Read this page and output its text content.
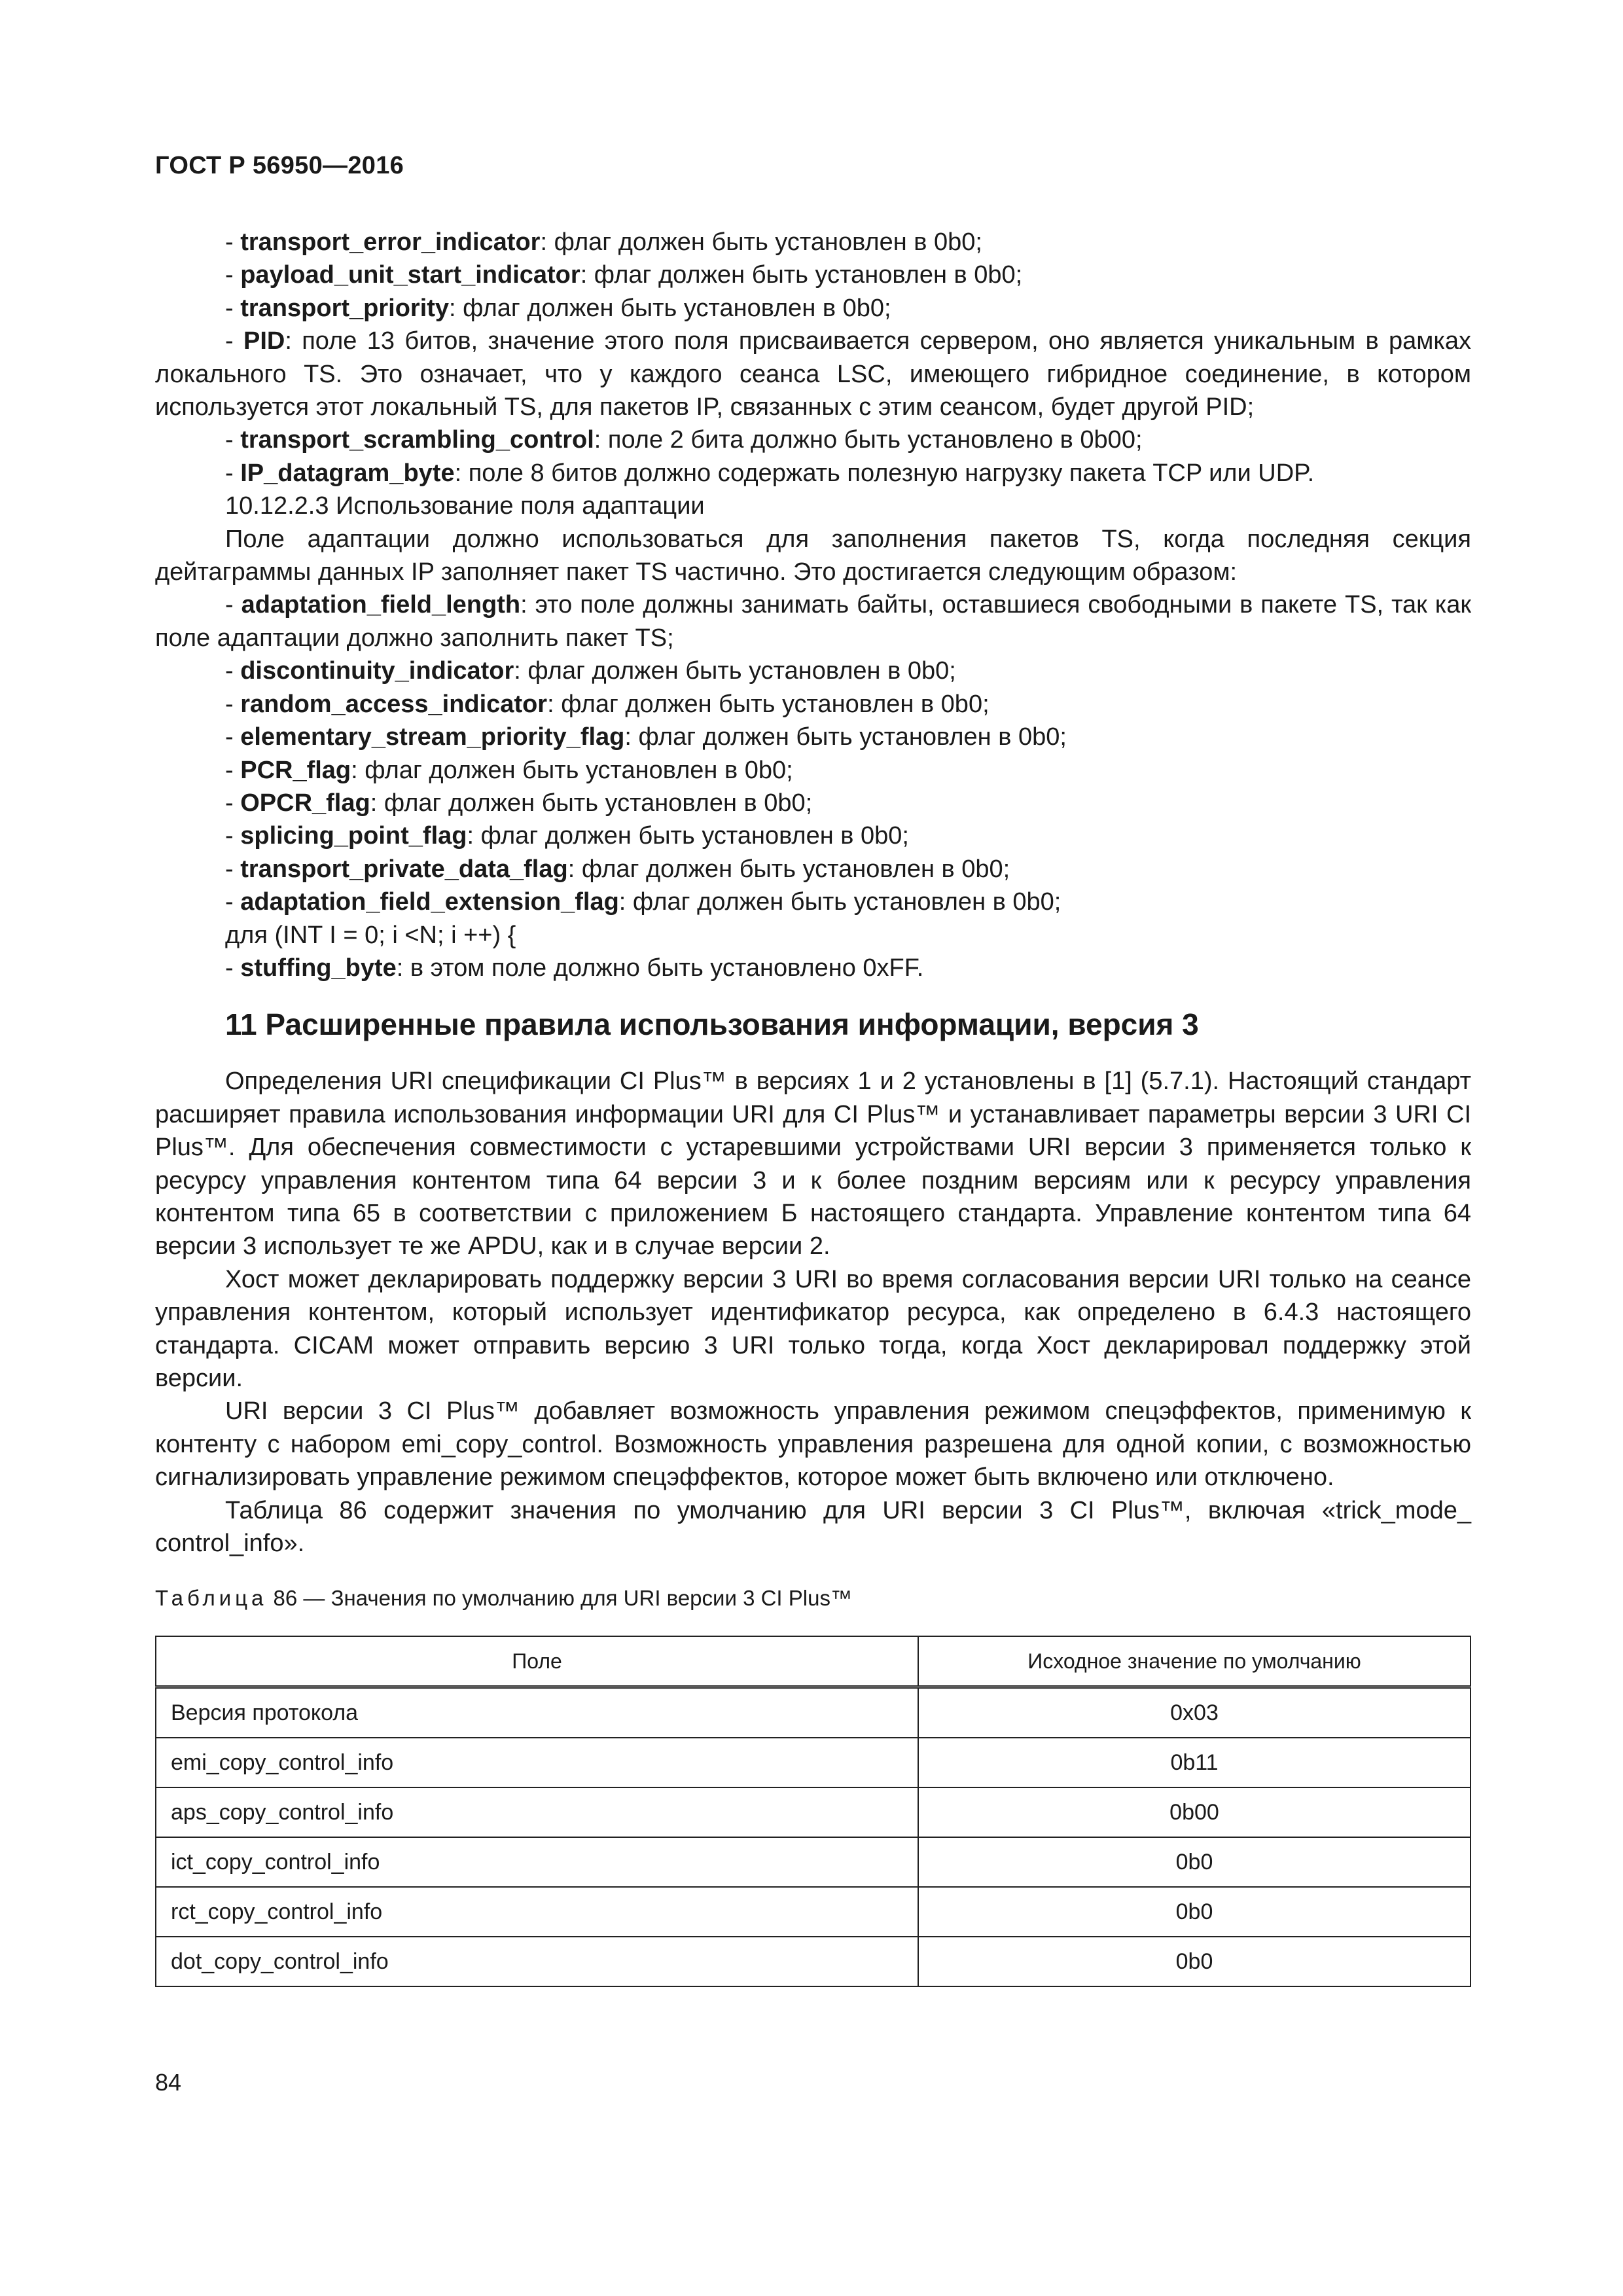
ГОСТ Р 56950—2016

- transport_error_indicator: флаг должен быть установлен в 0b0;

- payload_unit_start_indicator: флаг должен быть установлен в 0b0;

- transport_priority: флаг должен быть установлен в 0b0;

- PID: поле 13 битов, значение этого поля присваивается сервером, оно является уникальным в рамках локального TS. Это означает, что у каждого сеанса LSC, имеющего гибридное соединение, в котором используется этот локальный TS, для пакетов IP, связанных с этим сеансом, будет другой PID;

- transport_scrambling_control: поле 2 бита должно быть установлено в 0b00;

- IP_datagram_byte: поле 8 битов должно содержать полезную нагрузку пакета TCP или UDP.

10.12.2.3 Использование поля адаптации

Поле адаптации должно использоваться для заполнения пакетов TS, когда последняя секция дейтаграммы данных IP заполняет пакет TS частично. Это достигается следующим образом:

- adaptation_field_length: это поле должны занимать байты, оставшиеся свободными в пакете TS, так как поле адаптации должно заполнить пакет TS;

- discontinuity_indicator: флаг должен быть установлен в 0b0;

- random_access_indicator: флаг должен быть установлен в 0b0;

- elementary_stream_priority_flag: флаг должен быть установлен в 0b0;

- PCR_flag: флаг должен быть установлен в 0b0;

- OPCR_flag: флаг должен быть установлен в 0b0;

- splicing_point_flag: флаг должен быть установлен в 0b0;

- transport_private_data_flag: флаг должен быть установлен в 0b0;

- adaptation_field_extension_flag: флаг должен быть установлен в 0b0;

для (INT I = 0; i <N; i ++) {

- stuffing_byte: в этом поле должно быть установлено 0xFF.

11 Расширенные правила использования информации, версия 3

Определения URI спецификации CI Plus™ в версиях 1 и 2 установлены в [1] (5.7.1). Настоящий стандарт расширяет правила использования информации URI для CI Plus™ и устанавливает параметры версии 3 URI CI Plus™. Для обеспечения совместимости с устаревшими устройствами URI версии 3 применяется только к ресурсу управления контентом типа 64 версии 3 и к более поздним версиям или к ресурсу управления контентом типа 65 в соответствии с приложением Б настоящего стандарта. Управление контентом типа 64 версии 3 использует те же APDU, как и в случае версии 2.

Хост может декларировать поддержку версии 3 URI во время согласования версии URI только на сеансе управления контентом, который использует идентификатор ресурса, как определено в 6.4.3 настоящего стандарта. CICAM может отправить версию 3 URI только тогда, когда Хост декларировал поддержку этой версии.

URI версии 3 CI Plus™ добавляет возможность управления режимом спецэффектов, применимую к контенту с набором emi_copy_control. Возможность управления разрешена для одной копии, с возможностью сигнализировать управление режимом спецэффектов, которое может быть включено или отключено.

Таблица 86 содержит значения по умолчанию для URI версии 3 CI Plus™, включая «trick_mode_ control_info».

Таблица 86 — Значения по умолчанию для URI версии 3 CI Plus™
Поле	Исходное значение по умолчанию
Версия протокола	0x03
emi_copy_control_info	0b11
aps_copy_control_info	0b00
ict_copy_control_info	0b0
rct_copy_control_info	0b0
dot_copy_control_info	0b0
84
